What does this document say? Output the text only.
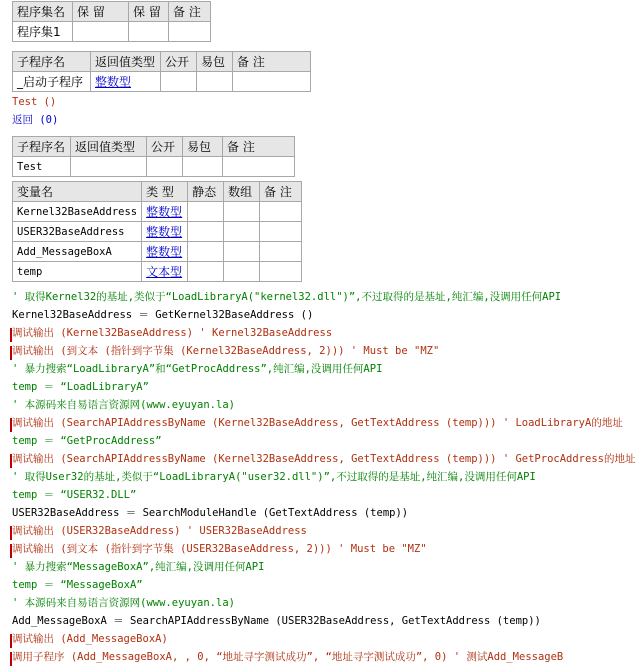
程序集名	保 留	保 留	备 注
程序集1			
子程序名	返回值类型	公开	易包	备 注
_启动子程序	整数型			
Test ()
返回 (0)
子程序名	返回值类型	公开	易包	备 注
Test				
变量名	类 型	静态	数组	备 注
Kernel32BaseAddress	整数型			
USER32BaseAddress	整数型			
Add_MessageBoxA	整数型			
temp	文本型			
' 取得Kernel32的基址,类似于“LoadLibraryA("kernel32.dll")”,不过取得的是基址,纯汇编,没调用任何API
Kernel32BaseAddress ＝ GetKernel32BaseAddress ()
调试输出 (Kernel32BaseAddress) ' Kernel32BaseAddress
调试输出 (到文本 (指针到字节集 (Kernel32BaseAddress, 2))) ' Must be "MZ"
' 暴力搜索“LoadLibraryA”和“GetProcAddress”,纯汇编,没调用任何API
temp ＝ “LoadLibraryA”
' 本源码来自易语言资源网(www.eyuyan.la)
调试输出 (SearchAPIAddressByName (Kernel32BaseAddress, GetTextAddress (temp))) ' LoadLibraryA的地址
temp ＝ “GetProcAddress”
调试输出 (SearchAPIAddressByName (Kernel32BaseAddress, GetTextAddress (temp))) ' GetProcAddress的地址
' 取得User32的基址,类似于“LoadLibraryA("user32.dll")”,不过取得的是基址,纯汇编,没调用任何API
temp ＝ “USER32.DLL”
USER32BaseAddress ＝ SearchModuleHandle (GetTextAddress (temp))
调试输出 (USER32BaseAddress) ' USER32BaseAddress
调试输出 (到文本 (指针到字节集 (USER32BaseAddress, 2))) ' Must be "MZ"
' 暴力搜索“MessageBoxA”,纯汇编,没调用任何API
temp ＝ “MessageBoxA”
' 本源码来自易语言资源网(www.eyuyan.la)
Add_MessageBoxA ＝ SearchAPIAddressByName (USER32BaseAddress, GetTextAddress (temp))
调试输出 (Add_MessageBoxA)
调用子程序 (Add_MessageBoxA, , 0, “地址寻字测试成功”, “地址寻字测试成功”, 0) ' 测试Add_MessageB
